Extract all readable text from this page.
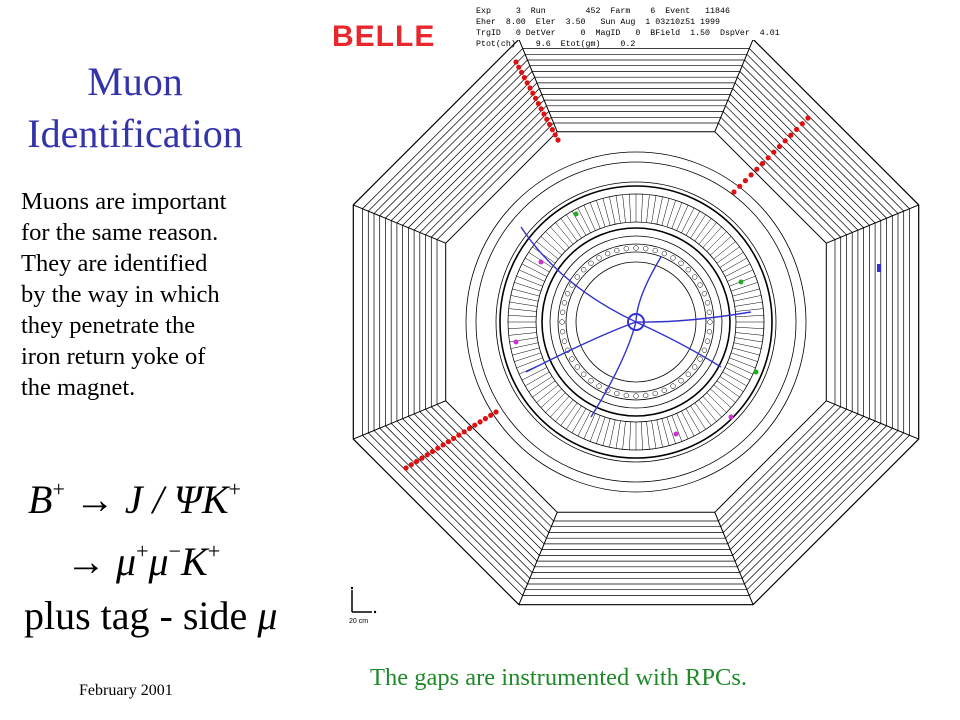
Muon
Identification
Muons are important
for the same reason.
They are identified
by the way in which
they penetrate the
iron return yoke of
the magnet.
B+ → J / ΨK+
→ μ+μ−K+
plus tag - side μ
February 2001	The gaps are instrumented with RPCs.
BELLE
Exp     3  Run        452  Farm    6  Event   11846
Eher  8.00  Eler  3.50   Sun Aug  1 03z10z51 1999
TrgID   0 DetVer     0  MagID   0  BField  1.50  DspVer  4.01
Ptot(ch)    9.6  Etot(gm)    0.2
20 cm
